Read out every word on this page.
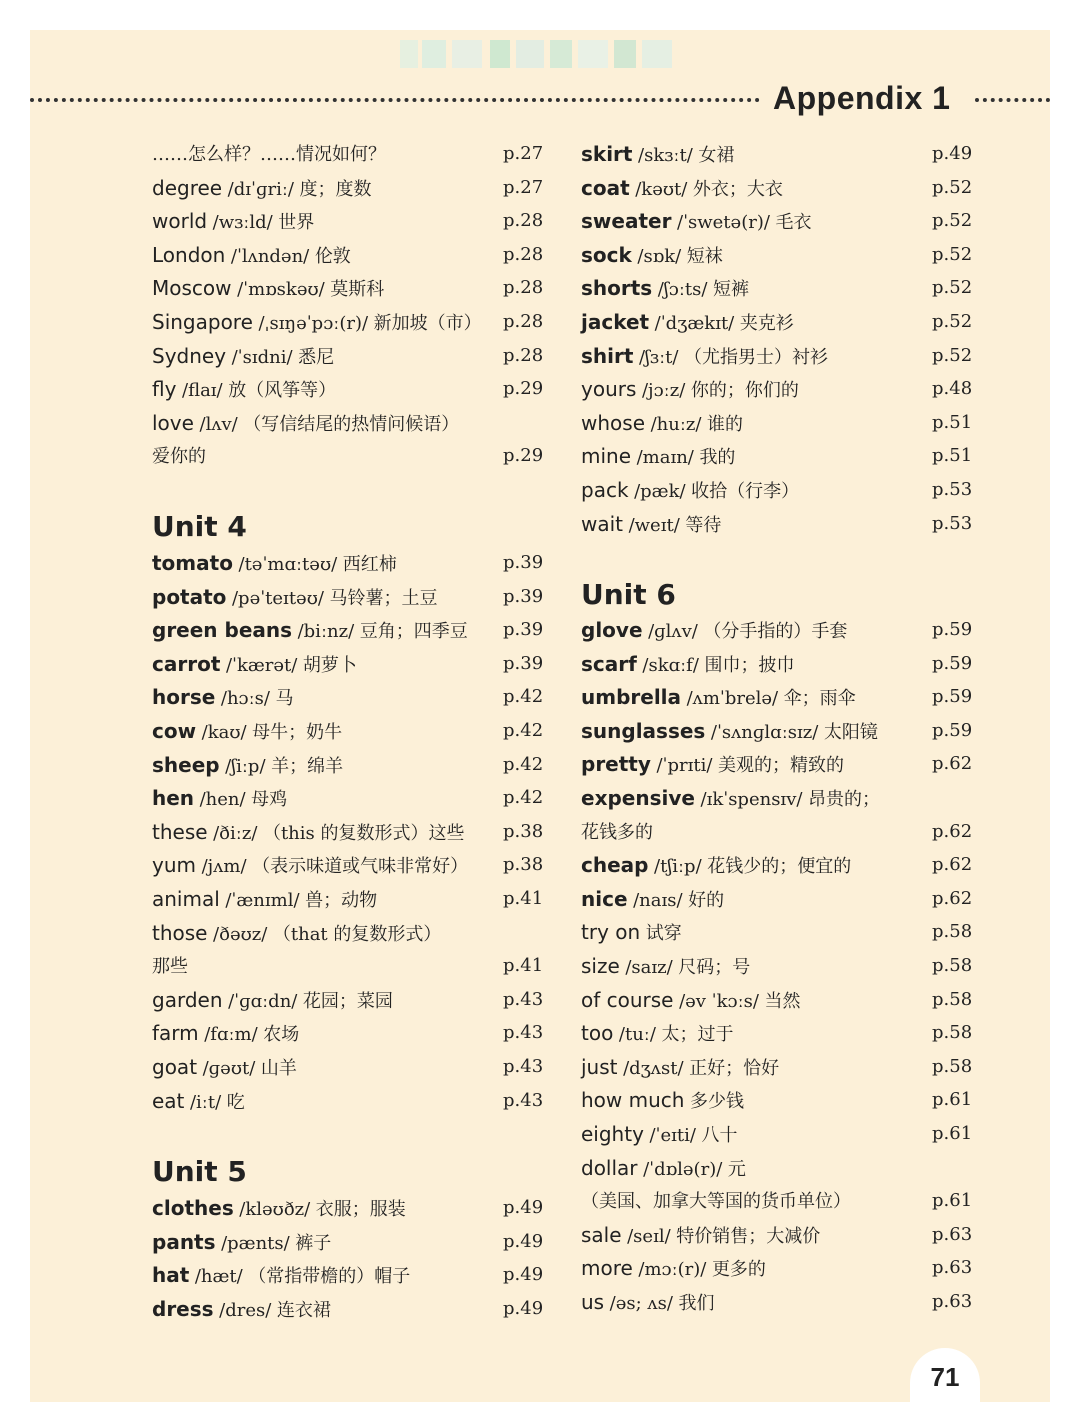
Appendix 1
……怎么样？……情况如何？	p.27
degree /dɪˈɡriː/ 度；度数	p.27
world /wɜːld/ 世界	p.28
London /ˈlʌndən/ 伦敦	p.28
Moscow /ˈmɒskəʊ/ 莫斯科	p.28
Singapore /ˌsɪŋəˈpɔː(r)/ 新加坡（市） p.28
Sydney /ˈsɪdni/ 悉尼	p.28
fly /flaɪ/ 放（风筝等）	p.29
love /lʌv/ （写信结尾的热情问候语）
爱你的	p.29
Unit 4
tomato /təˈmɑːtəʊ/ 西红柿	p.39
potato /pəˈteɪtəʊ/ 马铃薯；土豆	p.39
green beans /biːnz/ 豆角；四季豆 p.39
carrot /ˈkærət/ 胡萝卜	p.39
horse /hɔːs/ 马	p.42
cow /kaʊ/ 母牛；奶牛	p.42
sheep /ʃiːp/ 羊；绵羊	p.42
hen /hen/ 母鸡	p.42
these /ðiːz/ （this 的复数形式）这些 p.38
yum /jʌm/ （表示味道或气味非常好） p.38
animal /ˈænɪml/ 兽；动物	p.41
those /ðəʊz/ （that 的复数形式）
那些	p.41
garden /ˈɡɑːdn/ 花园；菜园	p.43
farm /fɑːm/ 农场	p.43
goat /ɡəʊt/ 山羊	p.43
eat /iːt/ 吃	p.43
Unit 5
clothes /kləʊðz/ 衣服；服装	p.49
pants /pænts/ 裤子	p.49
hat /hæt/ （常指带檐的）帽子	p.49
dress /dres/ 连衣裙	p.49
skirt /skɜːt/ 女裙	p.49
coat /kəʊt/ 外衣；大衣	p.52
sweater /ˈswetə(r)/ 毛衣	p.52
sock /sɒk/ 短袜	p.52
shorts /ʃɔːts/ 短裤	p.52
jacket /ˈdʒækɪt/ 夹克衫	p.52
shirt /ʃɜːt/ （尤指男士）衬衫	p.52
yours /jɔːz/ 你的；你们的	p.48
whose /huːz/ 谁的	p.51
mine /maɪn/ 我的	p.51
pack /pæk/ 收拾（行李）	p.53
wait /weɪt/ 等待	p.53
Unit 6
glove /ɡlʌv/ （分手指的）手套	p.59
scarf /skɑːf/ 围巾；披巾	p.59
umbrella /ʌmˈbrelə/ 伞；雨伞	p.59
sunglasses /ˈsʌnɡlɑːsɪz/ 太阳镜	p.59
pretty /ˈprɪti/ 美观的；精致的	p.62
expensive /ɪkˈspensɪv/ 昂贵的；
花钱多的	p.62
cheap /tʃiːp/ 花钱少的；便宜的	p.62
nice /naɪs/ 好的	p.62
try on 试穿	p.58
size /saɪz/ 尺码；号	p.58
of course /əv ˈkɔːs/ 当然	p.58
too /tuː/ 太；过于	p.58
just /dʒʌst/ 正好；恰好	p.58
how much 多少钱	p.61
eighty /ˈeɪti/ 八十	p.61
dollar /ˈdɒlə(r)/ 元
（美国、加拿大等国的货币单位）	p.61
sale /seɪl/ 特价销售；大减价	p.63
more /mɔː(r)/ 更多的	p.63
us /əs; ʌs/ 我们	p.63
71
